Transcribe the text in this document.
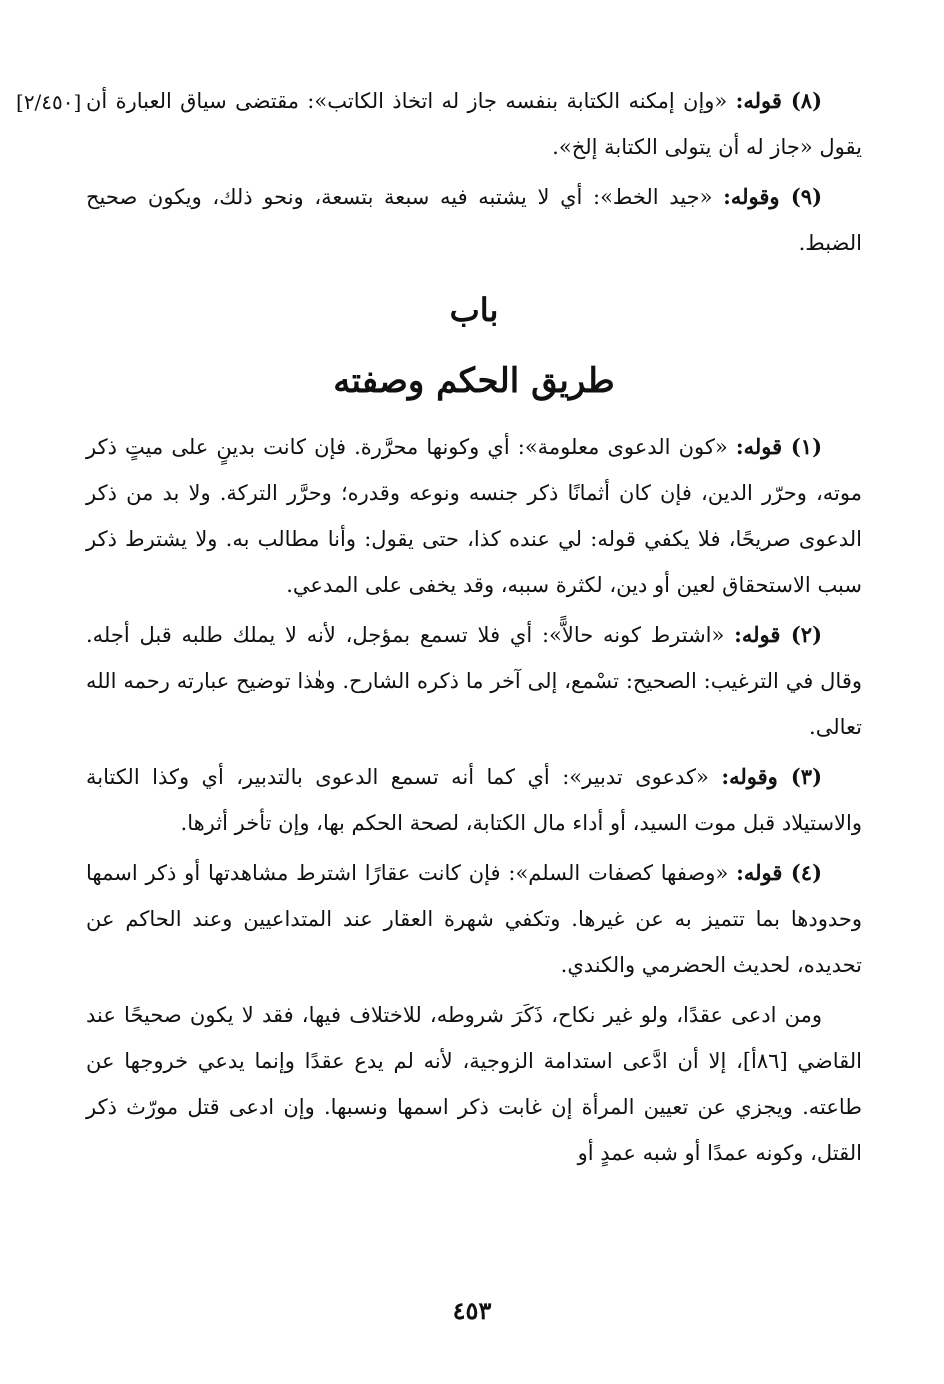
[٢/٤٥٠]	(٨) قوله: «وإن إمكنه الكتابة بنفسه جاز له اتخاذ الكاتب»: مقتضى سياق العبارة أن يقول «جاز له أن يتولى الكتابة إلخ».

(٩) وقوله: «جيد الخط»: أي لا يشتبه فيه سبعة بتسعة، ونحو ذلك، ويكون صحيح الضبط.

باب
طريق الحكم وصفته

(١) قوله: «كون الدعوى معلومة»: أي وكونها محرَّرة. فإن كانت بدينٍ على ميتٍ ذكر موته، وحرّر الدين، فإن كان أثمانًا ذكر جنسه ونوعه وقدره؛ وحرَّر التركة. ولا بد من ذكر الدعوى صريحًا، فلا يكفي قوله: لي عنده كذا، حتى يقول: وأنا مطالب به. ولا يشترط ذكر سبب الاستحقاق لعين أو دين، لكثرة سببه، وقد يخفى على المدعي.

(٢) قوله: «اشترط كونه حالاًّ»: أي فلا تسمع بمؤجل، لأنه لا يملك طلبه قبل أجله. وقال في الترغيب: الصحيح: تسْمع، إلى آخر ما ذكره الشارح. وهٰذا توضيح عبارته رحمه الله تعالى.

(٣) وقوله: «كدعوى تدبير»: أي كما أنه تسمع الدعوى بالتدبير، أي وكذا الكتابة والاستيلاد قبل موت السيد، أو أداء مال الكتابة، لصحة الحكم بها، وإن تأخر أثرها.

(٤) قوله: «وصفها كصفات السلم»: فإن كانت عقارًا اشترط مشاهدتها أو ذكر اسمها وحدودها بما تتميز به عن غيرها. وتكفي شهرة العقار عند المتداعيين وعند الحاكم عن تحديده، لحديث الحضرمي والكندي.

ومن ادعى عقدًا، ولو غير نكاح، ذَكَرَ شروطه، للاختلاف فيها، فقد لا يكون صحيحًا عند القاضي [٨٦أ]، إلا أن ادَّعى استدامة الزوجية، لأنه لم يدع عقدًا وإنما يدعي خروجها عن طاعته. ويجزي عن تعيين المرأة إن غابت ذكر اسمها ونسبها. وإن ادعى قتل مورّث ذكر القتل، وكونه عمدًا أو شبه عمدٍ أو

٤٥٣
